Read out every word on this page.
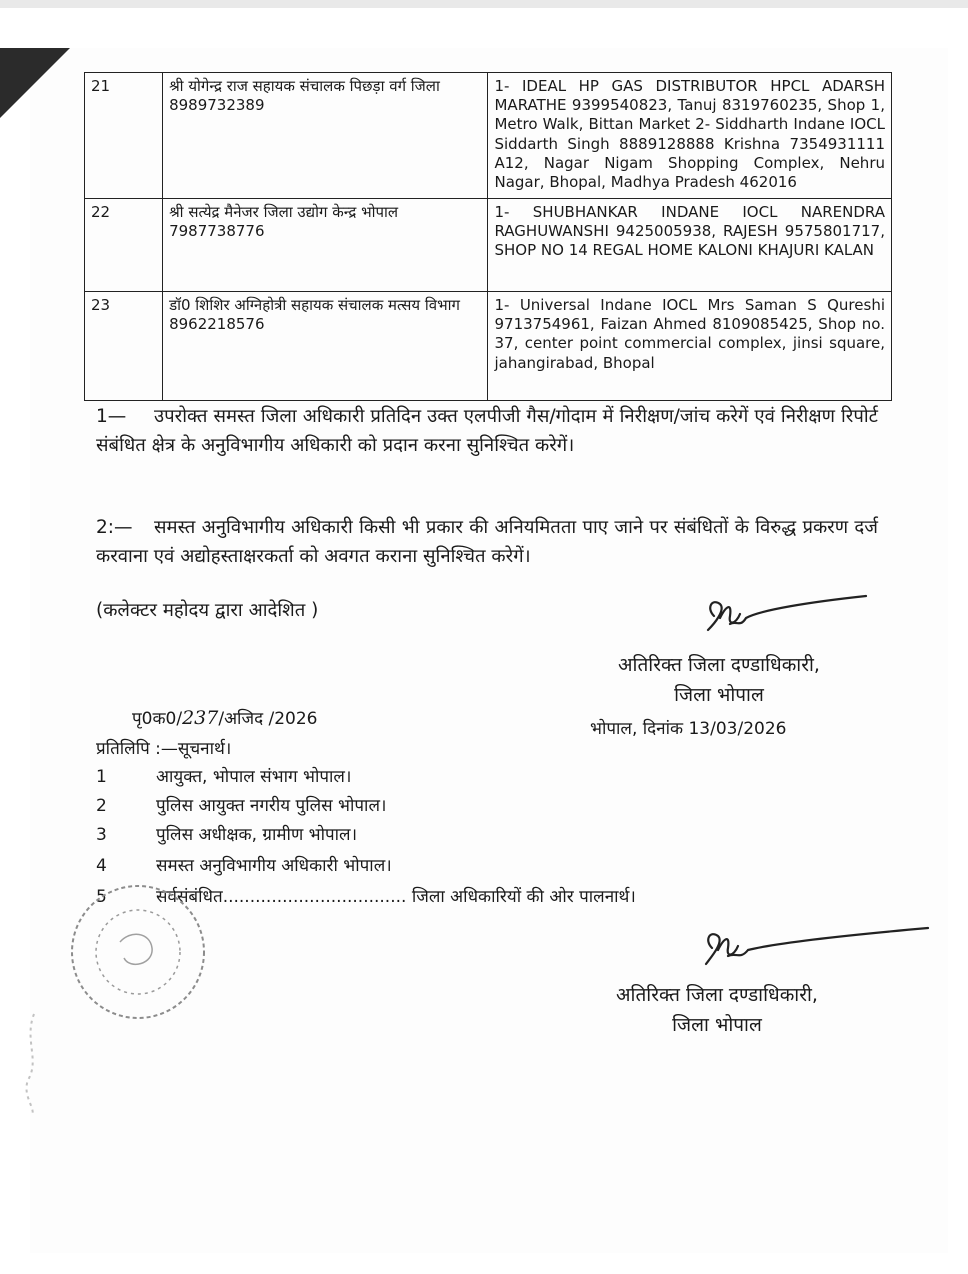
21	श्री योगेन्द्र राज सहायक संचालक पिछड़ा वर्ग जिला 8989732389	1- IDEAL HP GAS DISTRIBUTOR HPCL ADARSH MARATHE 9399540823, Tanuj 8319760235, Shop 1, Metro Walk, Bittan Market 2- Siddharth Indane IOCL Siddarth Singh 8889128888 Krishna 7354931111 A12, Nagar Nigam Shopping Complex, Nehru Nagar, Bhopal, Madhya Pradesh 462016
22	श्री सत्येद्र मैनेजर जिला उद्योग केन्द्र भोपाल 7987738776	1- SHUBHANKAR INDANE IOCL NARENDRA RAGHUWANSHI 9425005938, RAJESH 9575801717, SHOP NO 14 REGAL HOME KALONI KHAJURI KALAN
23	डॉ0 शिशिर अग्निहोत्री सहायक संचालक मत्सय विभाग 8962218576	1- Universal Indane IOCL Mrs Saman S Qureshi 9713754961, Faizan Ahmed 8109085425, Shop no. 37, center point commercial complex, jinsi square, jahangirabad, Bhopal
1— उपरोक्त समस्त जिला अधिकारी प्रतिदिन उक्त एलपीजी गैस/गोदाम में निरीक्षण/जांच करेगें एवं निरीक्षण रिपोर्ट संबंधित क्षेत्र के अनुविभागीय अधिकारी को प्रदान करना सुनिश्चित करेगें।
2:— समस्त अनुविभागीय अधिकारी किसी भी प्रकार की अनियमितता पाए जाने पर संबंधितों के विरुद्ध प्रकरण दर्ज करवाना एवं अद्योहस्ताक्षरकर्ता को अवगत कराना सुनिश्चित करेगें।
(कलेक्टर महोदय द्वारा आदेशित )
अतिरिक्त जिला दण्डाधिकारी,
जिला भोपाल
पृ0क0/237/अजिद /2026	भोपाल, दिनांक 13/03/2026
प्रतिलिपि :—सूचनार्थ।
1	आयुक्त, भोपाल संभाग भोपाल।
2	पुलिस आयुक्त नगरीय पुलिस भोपाल।
3	पुलिस अधीक्षक, ग्रामीण भोपाल।
4	समस्त अनुविभागीय अधिकारी भोपाल।
5	सर्वसंबंधित.................................. जिला अधिकारियों की ओर पालनार्थ।
अतिरिक्त जिला दण्डाधिकारी,
जिला भोपाल
